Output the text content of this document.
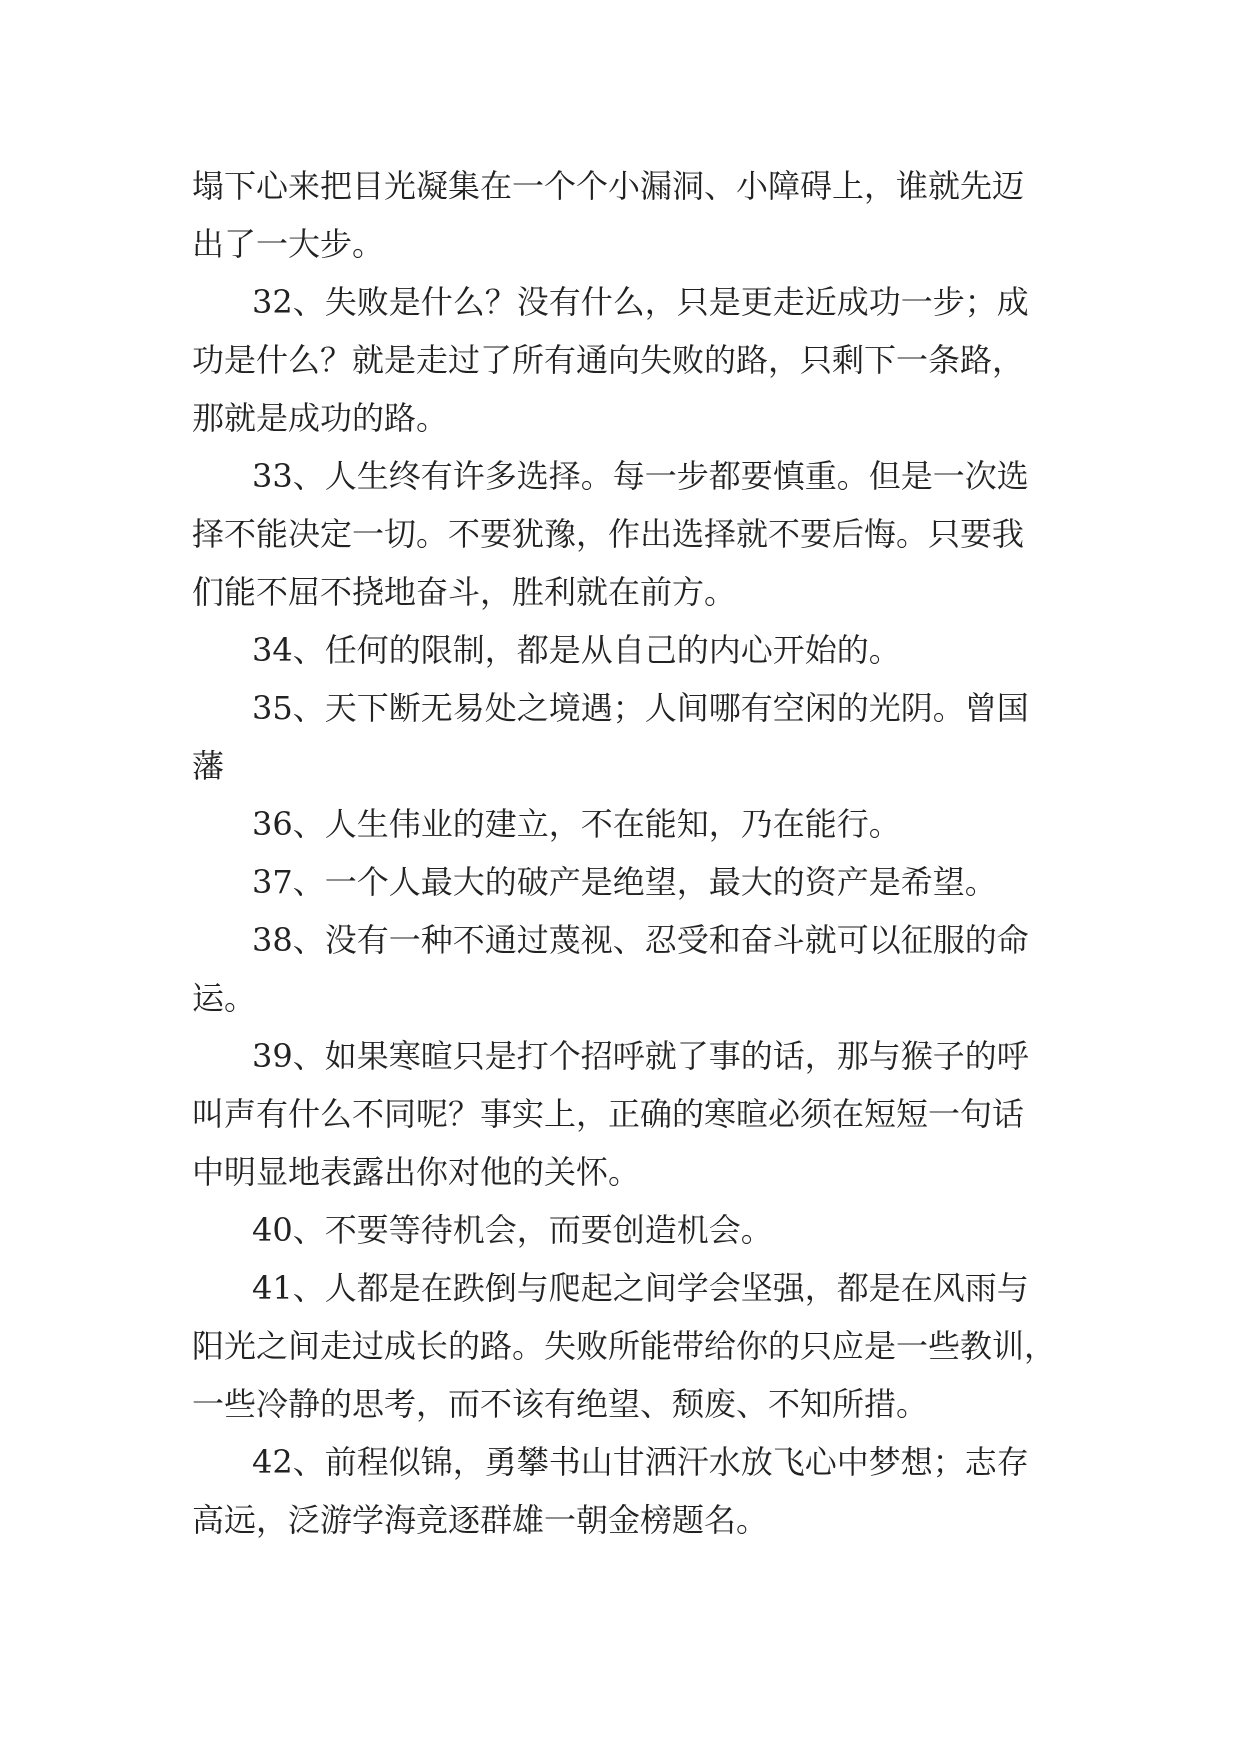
塌下心来把目光凝集在一个个小漏洞、小障碍上，谁就先迈
出了一大步。
32、失败是什么？没有什么，只是更走近成功一步；成
功是什么？就是走过了所有通向失败的路，只剩下一条路，
那就是成功的路。
33、人生终有许多选择。每一步都要慎重。但是一次选
择不能决定一切。不要犹豫，作出选择就不要后悔。只要我
们能不屈不挠地奋斗，胜利就在前方。
34、任何的限制，都是从自己的内心开始的。
35、天下断无易处之境遇；人间哪有空闲的光阴。曾国
藩
36、人生伟业的建立，不在能知，乃在能行。
37、一个人最大的破产是绝望，最大的资产是希望。
38、没有一种不通过蔑视、忍受和奋斗就可以征服的命
运。
39、如果寒暄只是打个招呼就了事的话，那与猴子的呼
叫声有什么不同呢？事实上，正确的寒暄必须在短短一句话
中明显地表露出你对他的关怀。
40、不要等待机会，而要创造机会。
41、人都是在跌倒与爬起之间学会坚强，都是在风雨与
阳光之间走过成长的路。失败所能带给你的只应是一些教训，
一些冷静的思考，而不该有绝望、颓废、不知所措。
42、前程似锦，勇攀书山甘洒汗水放飞心中梦想；志存
高远，泛游学海竞逐群雄一朝金榜题名。
